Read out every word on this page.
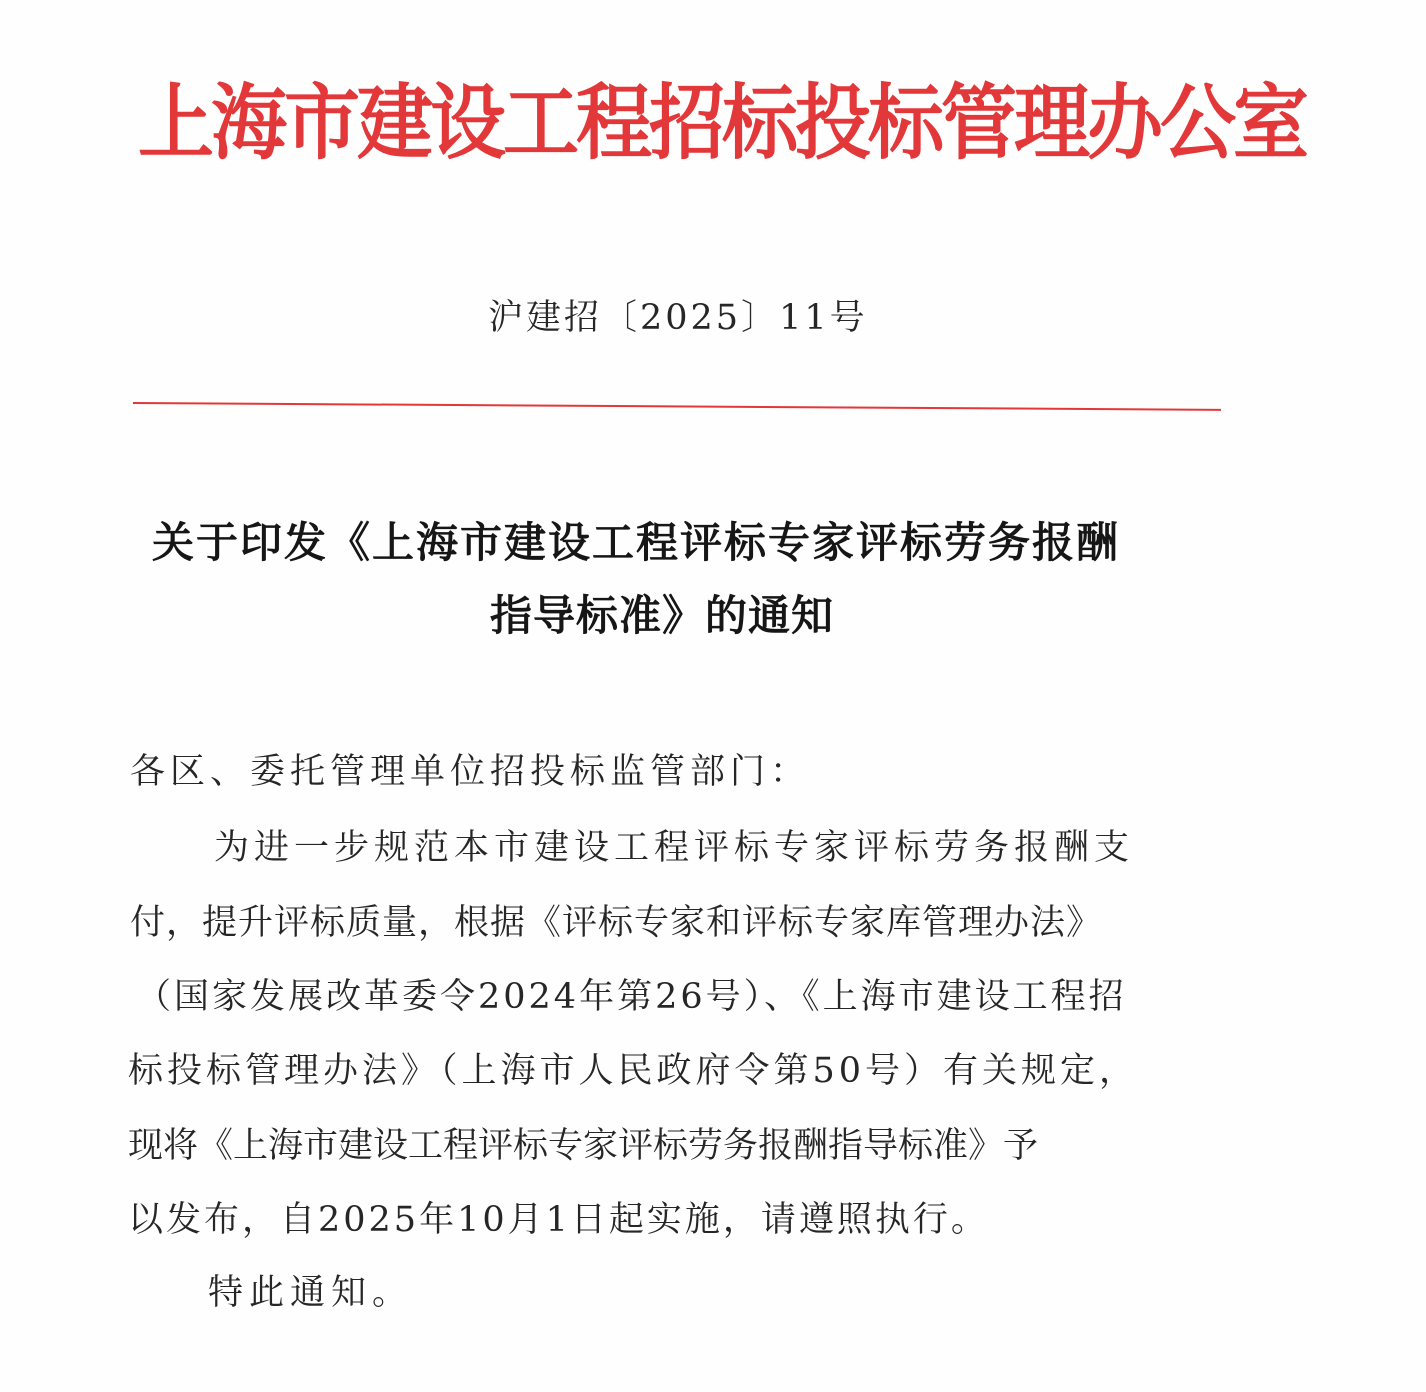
上海市建设工程招标投标管理办公室

沪建招〔2025〕11号

关于印发《上海市建设工程评标专家评标劳务报酬
指导标准》的通知

各区、委托管理单位招投标监管部门：

为进一步规范本市建设工程评标专家评标劳务报酬支

付，提升评标质量，根据《评标专家和评标专家库管理办法》

（国家发展改革委令2024年第26号）、《上海市建设工程招

标投标管理办法》（上海市人民政府令第50号）有关规定，

现将《上海市建设工程评标专家评标劳务报酬指导标准》予

以发布，自2025年10月1日起实施，请遵照执行。

特此通知。
